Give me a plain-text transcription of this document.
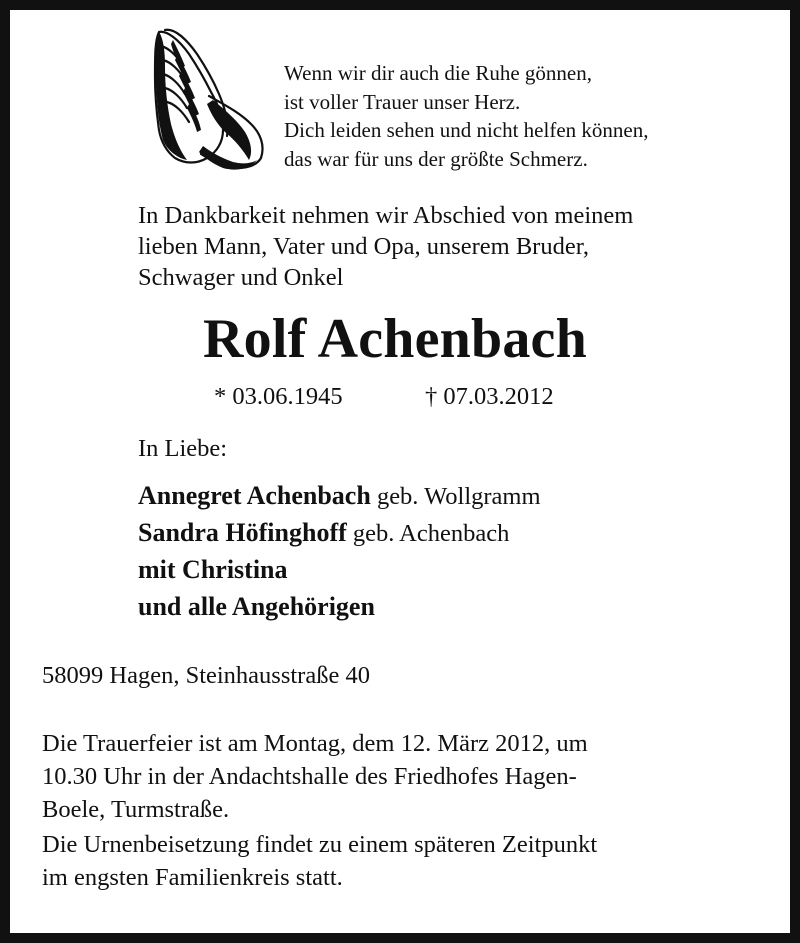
Wenn wir dir auch die Ruhe gönnen,
ist voller Trauer unser Herz.
Dich leiden sehen und nicht helfen können,
das war für uns der größte Schmerz.
In Dankbarkeit nehmen wir Abschied von meinem
lieben Mann, Vater und Opa, unserem Bruder,
Schwager und Onkel
Rolf Achenbach
* 03.06.1945	† 07.03.2012
In Liebe:
Annegret Achenbach geb. Wollgramm
Sandra Höfinghoff geb. Achenbach
mit Christina
und alle Angehörigen
58099 Hagen, Steinhausstraße 40
Die Trauerfeier ist am Montag, dem 12. März 2012, um
10.30 Uhr in der Andachtshalle des Friedhofes Hagen-
Boele, Turmstraße.
Die Urnenbeisetzung findet zu einem späteren Zeitpunkt
im engsten Familienkreis statt.
